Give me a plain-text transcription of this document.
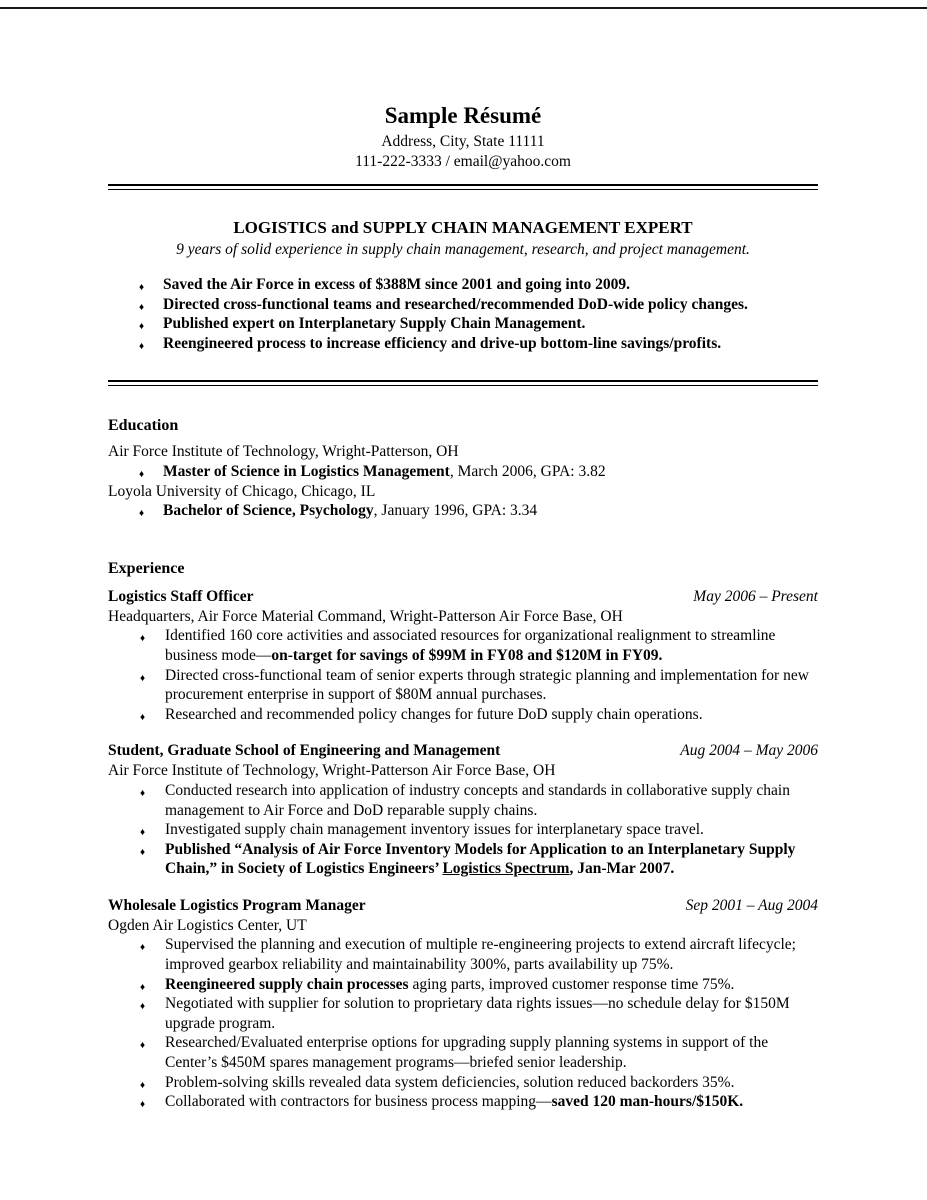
Sample Résumé
Address, City, State 11111
111-222-3333 / email@yahoo.com
LOGISTICS and SUPPLY CHAIN MANAGEMENT EXPERT
9 years of solid experience in supply chain management, research, and project management.
♦ Saved the Air Force in excess of $388M since 2001 and going into 2009.
♦ Directed cross-functional teams and researched/recommended DoD-wide policy changes.
♦ Published expert on Interplanetary Supply Chain Management.
♦ Reengineered process to increase efficiency and drive-up bottom-line savings/profits.
Education
Air Force Institute of Technology, Wright-Patterson, OH
♦ Master of Science in Logistics Management, March 2006, GPA: 3.82
Loyola University of Chicago, Chicago, IL
♦ Bachelor of Science, Psychology, January 1996, GPA: 3.34
Experience
Logistics Staff Officer	May 2006 – Present
Headquarters, Air Force Material Command, Wright-Patterson Air Force Base, OH
♦ Identified 160 core activities and associated resources for organizational realignment to streamline business mode—on-target for savings of $99M in FY08 and $120M in FY09.
♦ Directed cross-functional team of senior experts through strategic planning and implementation for new procurement enterprise in support of $80M annual purchases.
♦ Researched and recommended policy changes for future DoD supply chain operations.
Student, Graduate School of Engineering and Management	Aug 2004 – May 2006
Air Force Institute of Technology, Wright-Patterson Air Force Base, OH
♦ Conducted research into application of industry concepts and standards in collaborative supply chain management to Air Force and DoD reparable supply chains.
♦ Investigated supply chain management inventory issues for interplanetary space travel.
♦ Published “Analysis of Air Force Inventory Models for Application to an Interplanetary Supply Chain,” in Society of Logistics Engineers’ Logistics Spectrum, Jan-Mar 2007.
Wholesale Logistics Program Manager	Sep 2001 – Aug 2004
Ogden Air Logistics Center, UT
♦ Supervised the planning and execution of multiple re-engineering projects to extend aircraft lifecycle; improved gearbox reliability and maintainability 300%, parts availability up 75%.
♦ Reengineered supply chain processes aging parts, improved customer response time 75%.
♦ Negotiated with supplier for solution to proprietary data rights issues—no schedule delay for $150M upgrade program.
♦ Researched/Evaluated enterprise options for upgrading supply planning systems in support of the Center’s $450M spares management programs—briefed senior leadership.
♦ Problem-solving skills revealed data system deficiencies, solution reduced backorders 35%.
♦ Collaborated with contractors for business process mapping—saved 120 man-hours/$150K.
